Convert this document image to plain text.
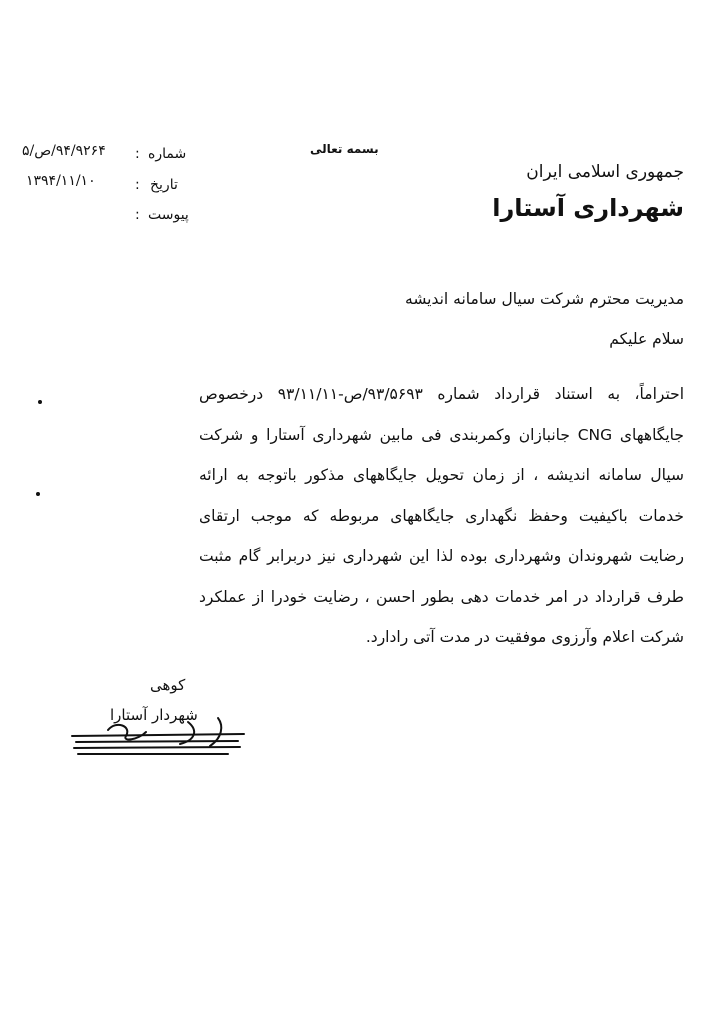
جمهوری اسلامی ایران
شهرداری آستارا
بسمه تعالی
شماره
:
۹۴/۹۲۶۴/ص/۵
تاریخ
:
۱۳۹۴/۱۱/۱۰
پیوست
:
مدیریت محترم شرکت سیال سامانه اندیشه
سلام علیکم
احتراماً، به استناد قرارداد شماره ۹۳/۵۶۹۳/ص-۹۳/۱۱/۱۱ درخصوص جایگاههای CNG جانبازان وکمربندی فی مابین شهرداری آستارا و شرکت سیال سامانه اندیشه ، از زمان تحویل جایگاههای مذکور باتوجه به ارائه خدمات باکیفیت وحفظ نگهداری جایگاههای مربوطه که موجب ارتقای رضایت شهروندان وشهرداری بوده لذا این شهرداری نیز دربرابر گام مثبت طرف قرارداد در امر خدمات دهی بطور احسن ، رضایت خودرا از عملکرد شرکت اعلام وآرزوی موفقیت در مدت آتی رادارد.
کوهی
شهردار آستارا
